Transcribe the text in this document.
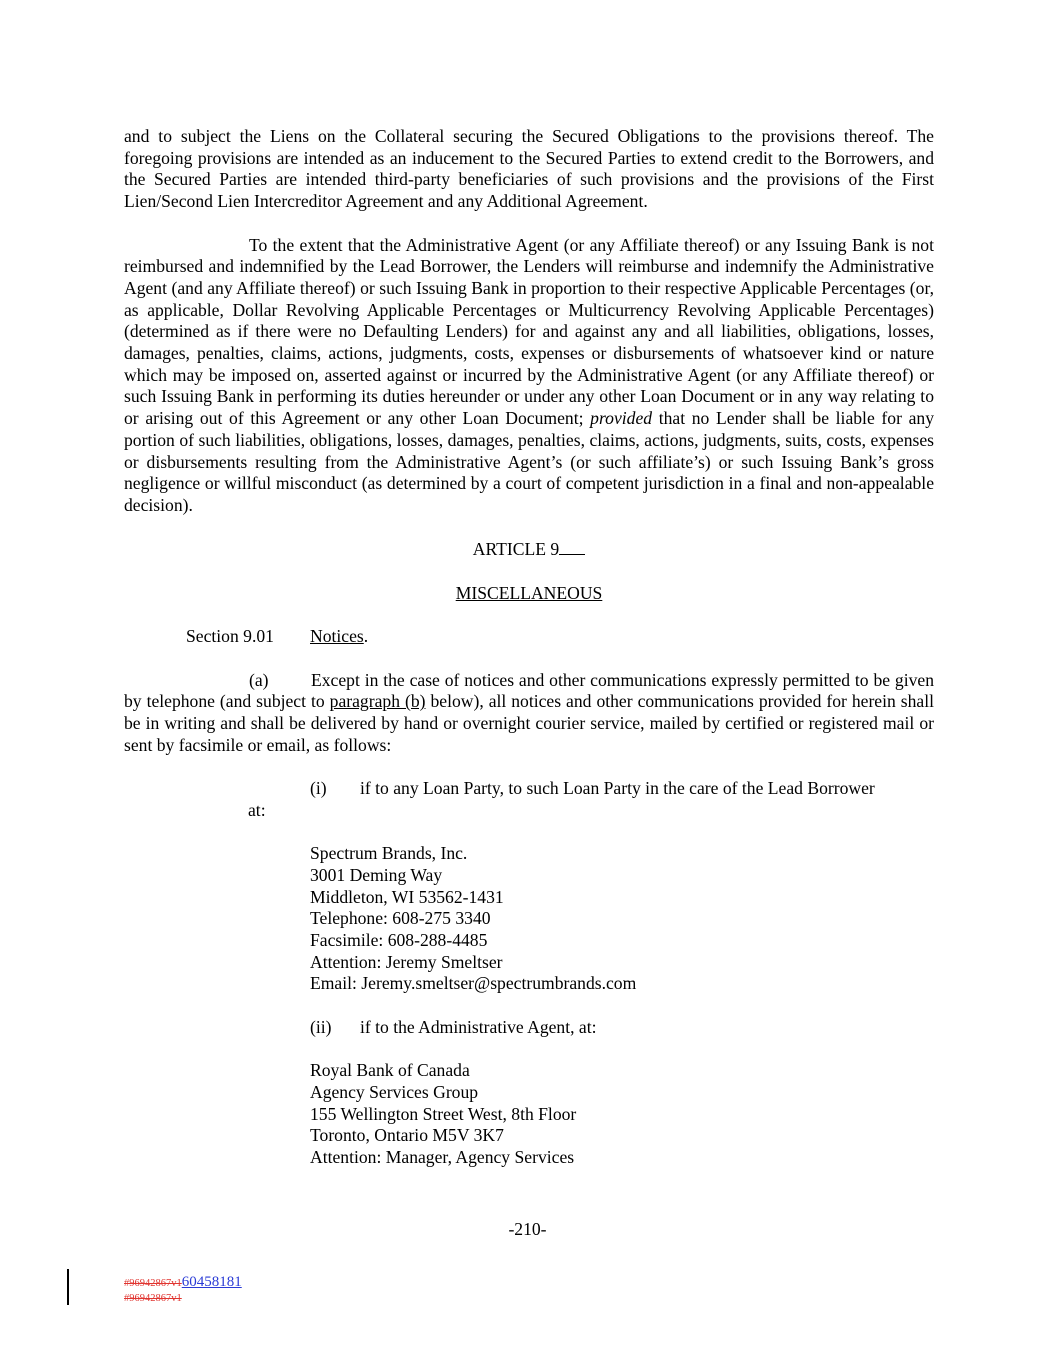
and to subject the Liens on the Collateral securing the Secured Obligations to the provisions thereof. The foregoing provisions are intended as an inducement to the Secured Parties to extend credit to the Borrowers, and the Secured Parties are intended third-party beneficiaries of such provisions and the provisions of the First Lien/Second Lien Intercreditor Agreement and any Additional Agreement.

To the extent that the Administrative Agent (or any Affiliate thereof) or any Issuing Bank is not reimbursed and indemnified by the Lead Borrower, the Lenders will reimburse and indemnify the Administrative Agent (and any Affiliate thereof) or such Issuing Bank in proportion to their respective Applicable Percentages (or, as applicable, Dollar Revolving Applicable Percentages or Multicurrency Revolving Applicable Percentages) (determined as if there were no Defaulting Lenders) for and against any and all liabilities, obligations, losses, damages, penalties, claims, actions, judgments, costs, expenses or disbursements of whatsoever kind or nature which may be imposed on, asserted against or incurred by the Administrative Agent (or any Affiliate thereof) or such Issuing Bank in performing its duties hereunder or under any other Loan Document or in any way relating to or arising out of this Agreement or any other Loan Document; provided that no Lender shall be liable for any portion of such liabilities, obligations, losses, damages, penalties, claims, actions, judgments, suits, costs, expenses or disbursements resulting from the Administrative Agent’s (or such affiliate’s) or such Issuing Bank’s gross negligence or willful misconduct (as determined by a court of competent jurisdiction in a final and non-appealable decision).

ARTICLE 9

MISCELLANEOUS

Section 9.01 Notices.

(a) Except in the case of notices and other communications expressly permitted to be given by telephone (and subject to paragraph (b) below), all notices and other communications provided for herein shall be in writing and shall be delivered by hand or overnight courier service, mailed by certified or registered mail or sent by facsimile or email, as follows:

(i)	if to any Loan Party, to such Loan Party in the care of the Lead Borrower
at:
Spectrum Brands, Inc.
3001 Deming Way
Middleton, WI 53562-1431
Telephone: 608-275 3340
Facsimile: 608-288-4485
Attention: Jeremy Smeltser
Email: Jeremy.smeltser@spectrumbrands.com
(ii)	if to the Administrative Agent, at:
Royal Bank of Canada
Agency Services Group
155 Wellington Street West, 8th Floor
Toronto, Ontario M5V 3K7
Attention: Manager, Agency Services
-210-
#96942867v160458181
#96942867v1
